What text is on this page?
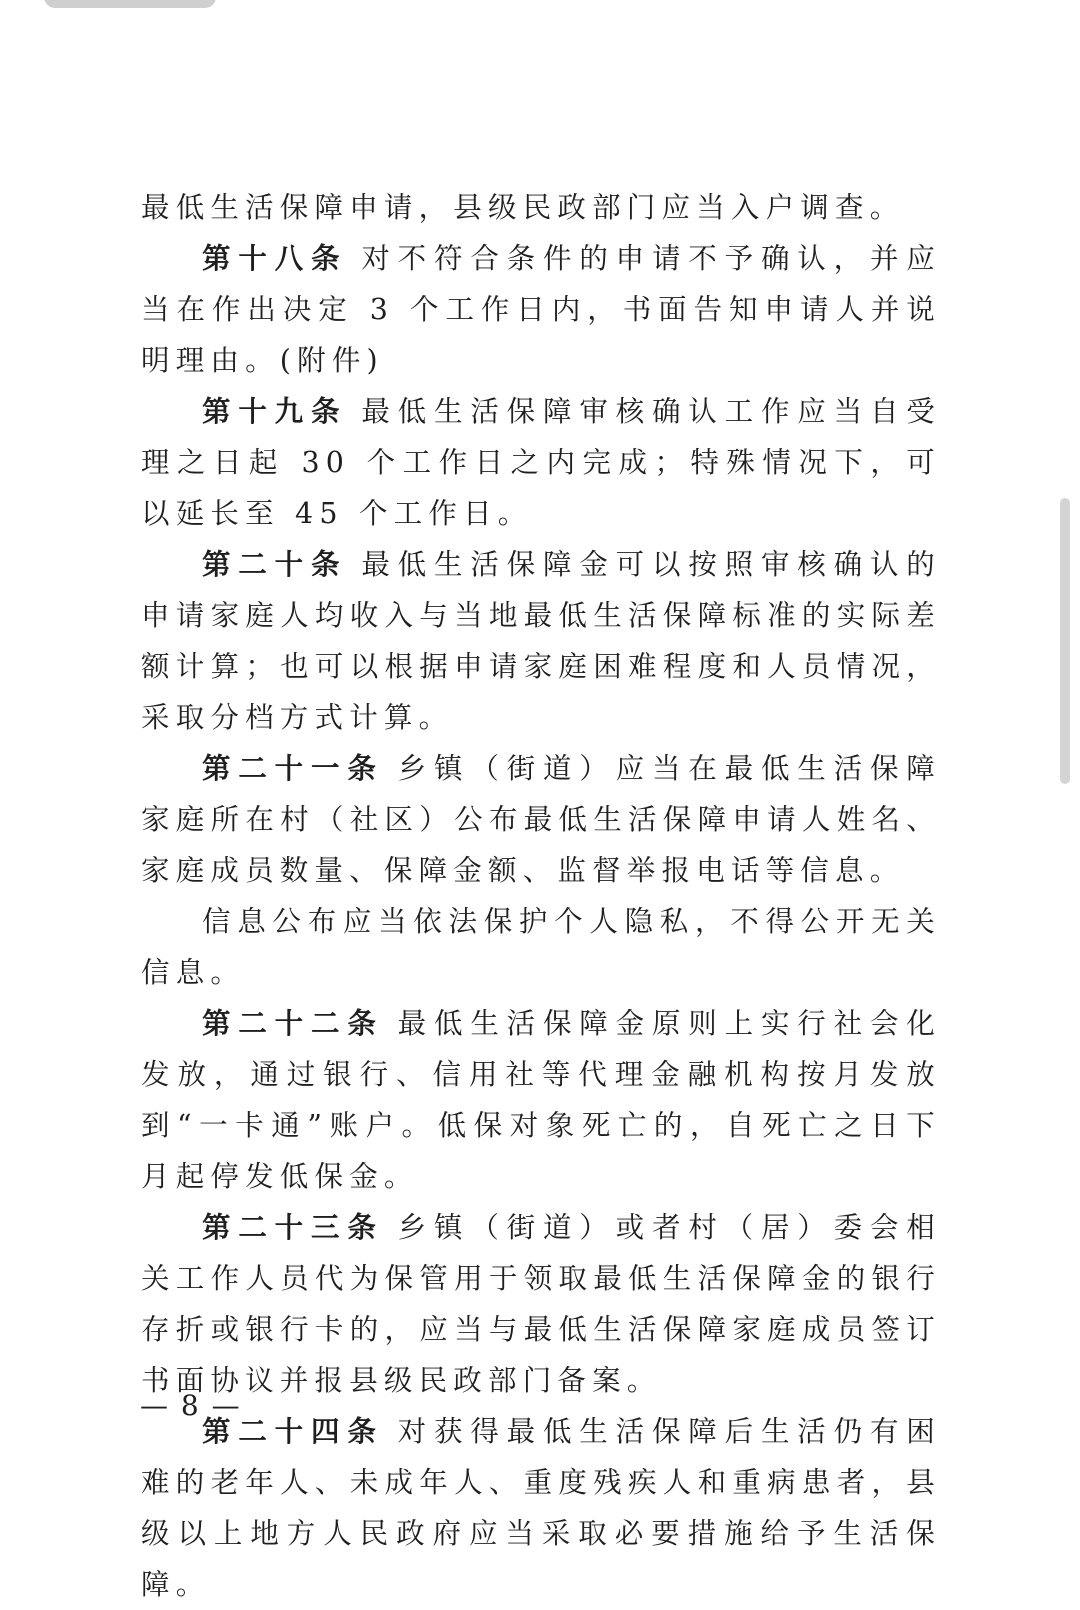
最低生活保障申请，县级民政部门应当入户调查。

第十八条 对不符合条件的申请不予确认，并应当在作出决定 3 个工作日内，书面告知申请人并说明理由。(附件)

第十九条 最低生活保障审核确认工作应当自受理之日起 30 个工作日之内完成；特殊情况下，可以延长至 45 个工作日。

第二十条 最低生活保障金可以按照审核确认的申请家庭人均收入与当地最低生活保障标准的实际差额计算；也可以根据申请家庭困难程度和人员情况，采取分档方式计算。

第二十一条 乡镇（街道）应当在最低生活保障家庭所在村（社区）公布最低生活保障申请人姓名、家庭成员数量、保障金额、监督举报电话等信息。

信息公布应当依法保护个人隐私，不得公开无关信息。

第二十二条 最低生活保障金原则上实行社会化发放，通过银行、信用社等代理金融机构按月发放到“一卡通”账户。低保对象死亡的，自死亡之日下月起停发低保金。

第二十三条 乡镇（街道）或者村（居）委会相关工作人员代为保管用于领取最低生活保障金的银行存折或银行卡的，应当与最低生活保障家庭成员签订书面协议并报县级民政部门备案。

第二十四条 对获得最低生活保障后生活仍有困难的老年人、未成年人、重度残疾人和重病患者，县级以上地方人民政府应当采取必要措施给予生活保障。

— 8 —
